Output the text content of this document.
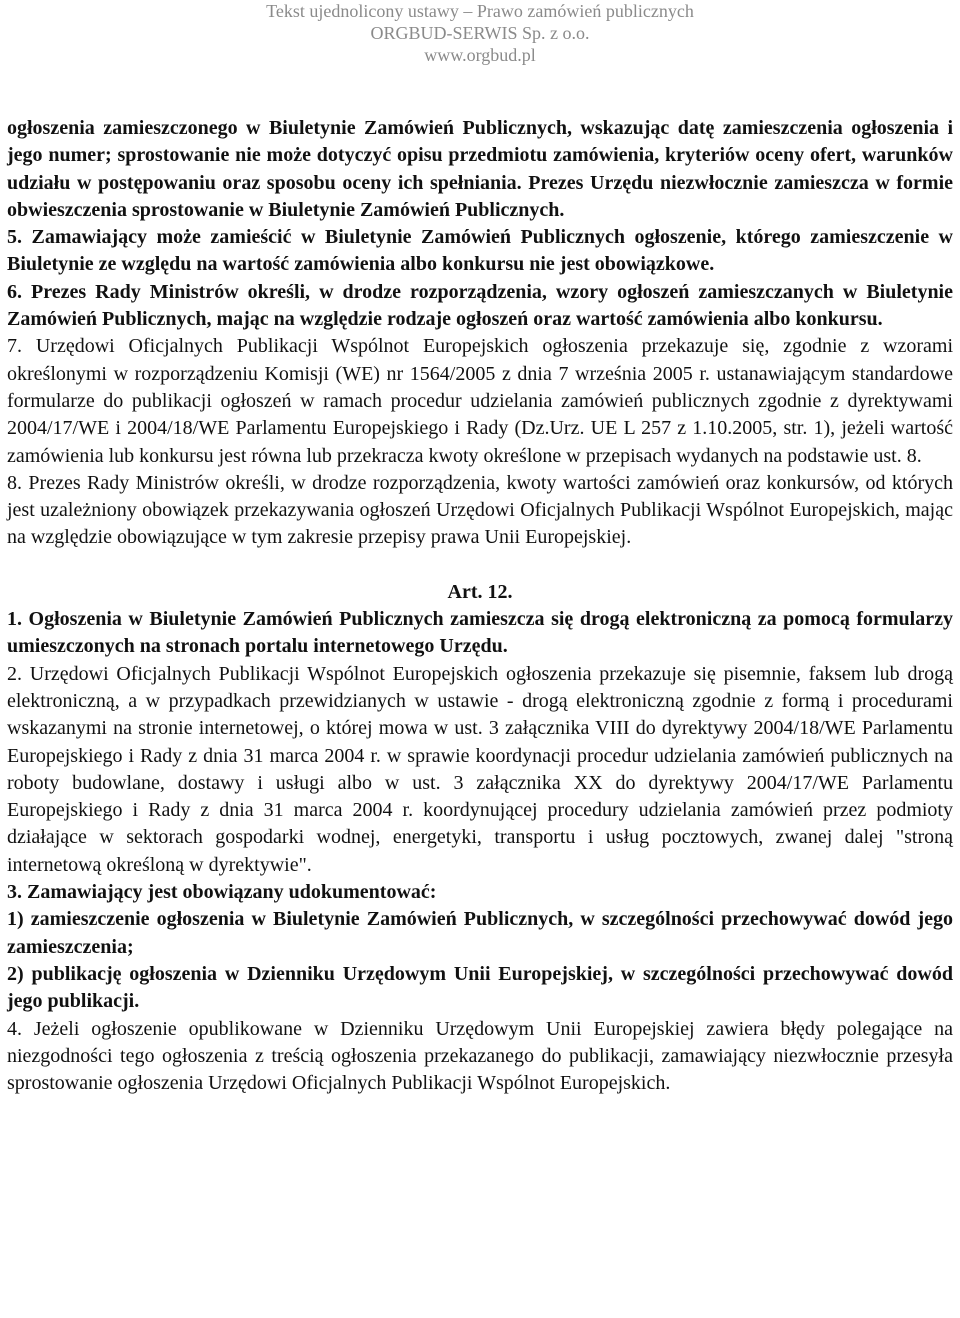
Tekst ujednolicony ustawy – Prawo zamówień publicznych
ORGBUD-SERWIS Sp. z o.o.
www.orgbud.pl

ogłoszenia zamieszczonego w Biuletynie Zamówień Publicznych, wskazując datę zamieszczenia ogłoszenia i jego numer; sprostowanie nie może dotyczyć opisu przedmiotu zamówienia, kryteriów oceny ofert, warunków udziału w postępowaniu oraz sposobu oceny ich spełniania. Prezes Urzędu niezwłocznie zamieszcza w formie obwieszczenia sprostowanie w Biuletynie Zamówień Publicznych.

5. Zamawiający może zamieścić w Biuletynie Zamówień Publicznych ogłoszenie, którego zamieszczenie w Biuletynie ze względu na wartość zamówienia albo konkursu nie jest obowiązkowe.

6. Prezes Rady Ministrów określi, w drodze rozporządzenia, wzory ogłoszeń zamieszczanych w Biuletynie Zamówień Publicznych, mając na względzie rodzaje ogłoszeń oraz wartość zamówienia albo konkursu.

7. Urzędowi Oficjalnych Publikacji Wspólnot Europejskich ogłoszenia przekazuje się, zgodnie z wzorami określonymi w rozporządzeniu Komisji (WE) nr 1564/2005 z dnia 7 września 2005 r. ustanawiającym standardowe formularze do publikacji ogłoszeń w ramach procedur udzielania zamówień publicznych zgodnie z dyrektywami 2004/17/WE i 2004/18/WE Parlamentu Europejskiego i Rady (Dz.Urz. UE L 257 z 1.10.2005, str. 1), jeżeli wartość zamówienia lub konkursu jest równa lub przekracza kwoty określone w przepisach wydanych na podstawie ust. 8.

8. Prezes Rady Ministrów określi, w drodze rozporządzenia, kwoty wartości zamówień oraz konkursów, od których jest uzależniony obowiązek przekazywania ogłoszeń Urzędowi Oficjalnych Publikacji Wspólnot Europejskich, mając na względzie obowiązujące w tym zakresie przepisy prawa Unii Europejskiej.

Art. 12.

1. Ogłoszenia w Biuletynie Zamówień Publicznych zamieszcza się drogą elektroniczną za pomocą formularzy umieszczonych na stronach portalu internetowego Urzędu.

2. Urzędowi Oficjalnych Publikacji Wspólnot Europejskich ogłoszenia przekazuje się pisemnie, faksem lub drogą elektroniczną, a w przypadkach przewidzianych w ustawie - drogą elektroniczną zgodnie z formą i procedurami wskazanymi na stronie internetowej, o której mowa w ust. 3 załącznika VIII do dyrektywy 2004/18/WE Parlamentu Europejskiego i Rady z dnia 31 marca 2004 r. w sprawie koordynacji procedur udzielania zamówień publicznych na roboty budowlane, dostawy i usługi albo w ust. 3 załącznika XX do dyrektywy 2004/17/WE Parlamentu Europejskiego i Rady z dnia 31 marca 2004 r. koordynującej procedury udzielania zamówień przez podmioty działające w sektorach gospodarki wodnej, energetyki, transportu i usług pocztowych, zwanej dalej "stroną internetową określoną w dyrektywie".

3. Zamawiający jest obowiązany udokumentować:

1) zamieszczenie ogłoszenia w Biuletynie Zamówień Publicznych, w szczególności przechowywać dowód jego zamieszczenia;

2) publikację ogłoszenia w Dzienniku Urzędowym Unii Europejskiej, w szczególności przechowywać dowód jego publikacji.

4. Jeżeli ogłoszenie opublikowane w Dzienniku Urzędowym Unii Europejskiej zawiera błędy polegające na niezgodności tego ogłoszenia z treścią ogłoszenia przekazanego do publikacji, zamawiający niezwłocznie przesyła sprostowanie ogłoszenia Urzędowi Oficjalnych Publikacji Wspólnot Europejskich.
